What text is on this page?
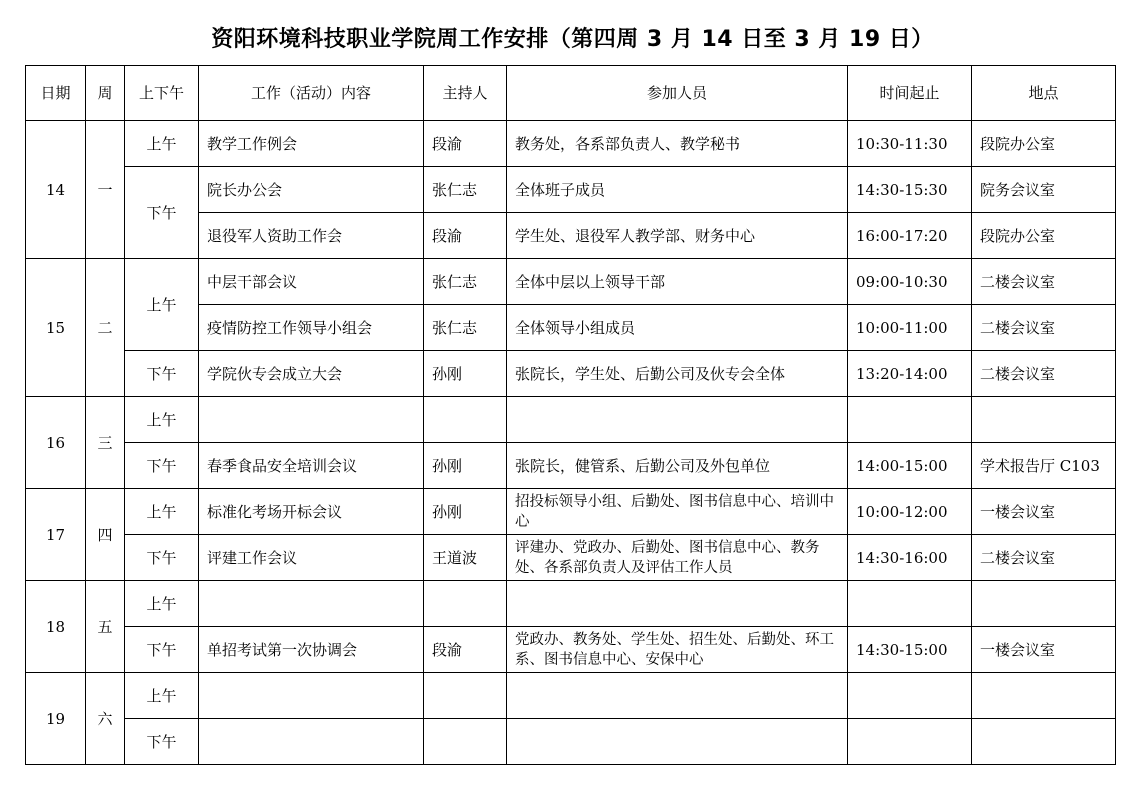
资阳环境科技职业学院周工作安排（第四周 3 月 14 日至 3 月 19 日）
日期	周	上下午	工作（活动）内容	主持人	参加人员	时间起止	地点
14	一	上午	教学工作例会	段渝	教务处，各系部负责人、教学秘书	10:30-11:30	段院办公室
		下午	院长办公会	张仁志	全体班子成员	14:30-15:30	院务会议室
			退役军人资助工作会	段渝	学生处、退役军人教学部、财务中心	16:00-17:20	段院办公室
15	二	上午	中层干部会议	张仁志	全体中层以上领导干部	09:00-10:30	二楼会议室
			疫情防控工作领导小组会	张仁志	全体领导小组成员	10:00-11:00	二楼会议室
		下午	学院伙专会成立大会	孙刚	张院长，学生处、后勤公司及伙专会全体	13:20-14:00	二楼会议室
16	三	上午					
		下午	春季食品安全培训会议	孙刚	张院长，健管系、后勤公司及外包单位	14:00-15:00	学术报告厅 C103
17	四	上午	标准化考场开标会议	孙刚	招投标领导小组、后勤处、图书信息中心、培训中心	10:00-12:00	一楼会议室
		下午	评建工作会议	王道波	评建办、党政办、后勤处、图书信息中心、教务处、各系部负责人及评估工作人员	14:30-16:00	二楼会议室
18	五	上午					
		下午	单招考试第一次协调会	段渝	党政办、教务处、学生处、招生处、后勤处、环工系、图书信息中心、安保中心	14:30-15:00	一楼会议室
19	六	上午					
		下午					
